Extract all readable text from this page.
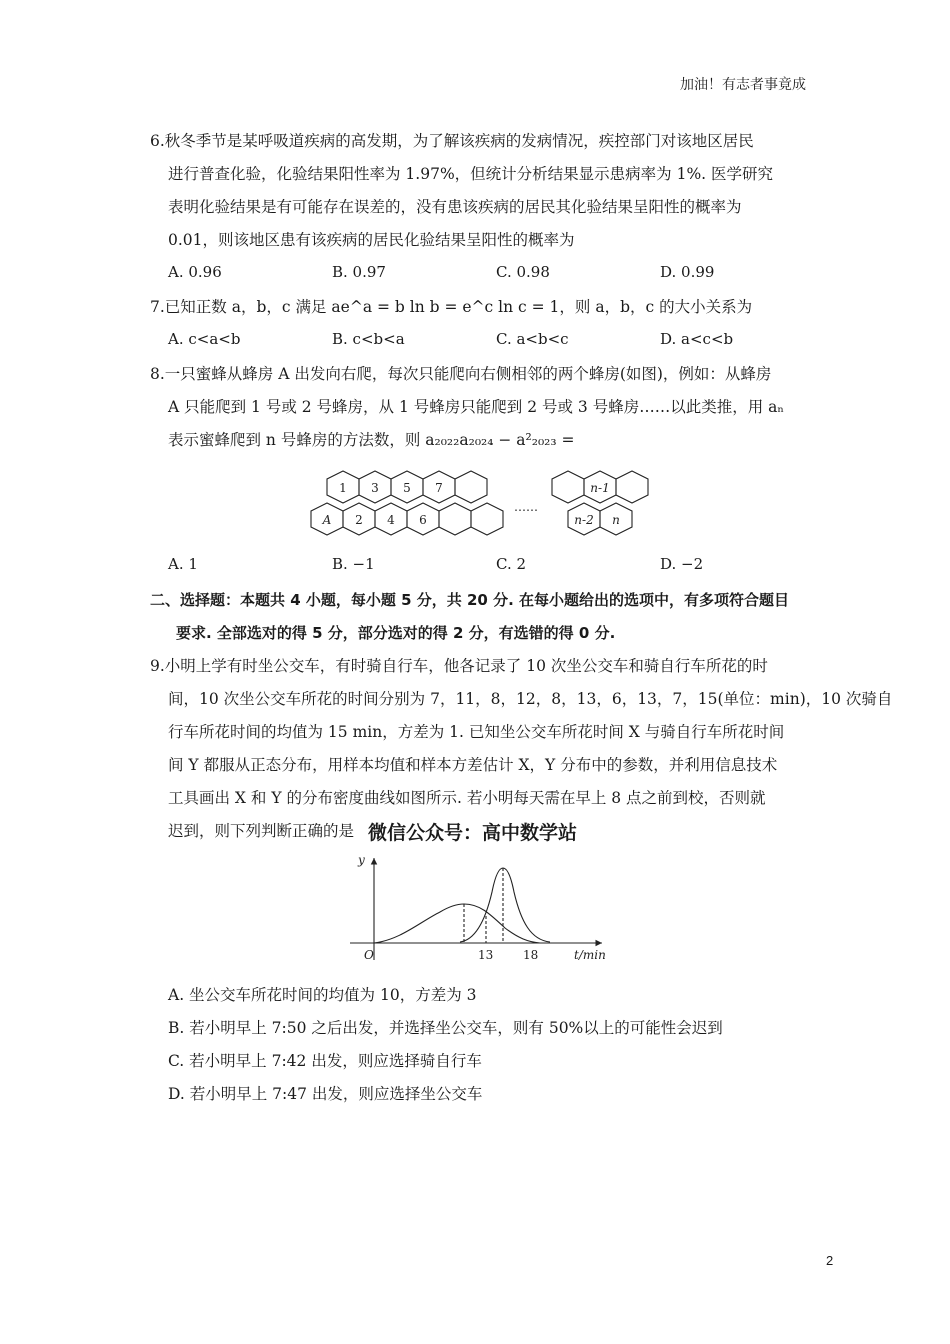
加油！有志者事竟成
6.秋冬季节是某呼吸道疾病的高发期，为了解该疾病的发病情况，疾控部门对该地区居民
进行普查化验，化验结果阳性率为 1.97%，但统计分析结果显示患病率为 1%. 医学研究
表明化验结果是有可能存在误差的，没有患该疾病的居民其化验结果呈阳性的概率为
0.01，则该地区患有该疾病的居民化验结果呈阳性的概率为
A. 0.96	B. 0.97	C. 0.98	D. 0.99
7.已知正数 a，b，c 满足 ae^a = b ln b = e^c ln c = 1，则 a，b，c 的大小关系为
A. c<a<b	B. c<b<a	C. a<b<c	D. a<c<b
8.一只蜜蜂从蜂房 A 出发向右爬，每次只能爬向右侧相邻的两个蜂房(如图)，例如：从蜂房
A 只能爬到 1 号或 2 号蜂房，从 1 号蜂房只能爬到 2 号或 3 号蜂房……以此类推，用 aₙ
表示蜜蜂爬到 n 号蜂房的方法数，则 a₂₀₂₂a₂₀₂₄ − a²₂₀₂₃ =
1 3 5 7
A 2 4 6
……
n-1
n-2 n
A. 1	B. −1	C. 2	D. −2
二、选择题：本题共 4 小题，每小题 5 分，共 20 分. 在每小题给出的选项中，有多项符合题目
要求. 全部选对的得 5 分，部分选对的得 2 分，有选错的得 0 分.
9.小明上学有时坐公交车，有时骑自行车，他各记录了 10 次坐公交车和骑自行车所花的时
间，10 次坐公交车所花的时间分别为 7，11，8，12，8，13，6，13，7，15(单位：min)，10 次骑自
行车所花时间的均值为 15 min，方差为 1. 已知坐公交车所花时间 X 与骑自行车所花时间
间 Y 都服从正态分布，用样本均值和样本方差估计 X，Y 分布中的参数，并利用信息技术
工具画出 X 和 Y 的分布密度曲线如图所示. 若小明每天需在早上 8 点之前到校，否则就
迟到，则下列判断正确的是 微信公众号：高中数学站
y
O	13 18	t/min
A. 坐公交车所花时间的均值为 10，方差为 3
B. 若小明早上 7:50 之后出发，并选择坐公交车，则有 50%以上的可能性会迟到
C. 若小明早上 7:42 出发，则应选择骑自行车
D. 若小明早上 7:47 出发，则应选择坐公交车
2
